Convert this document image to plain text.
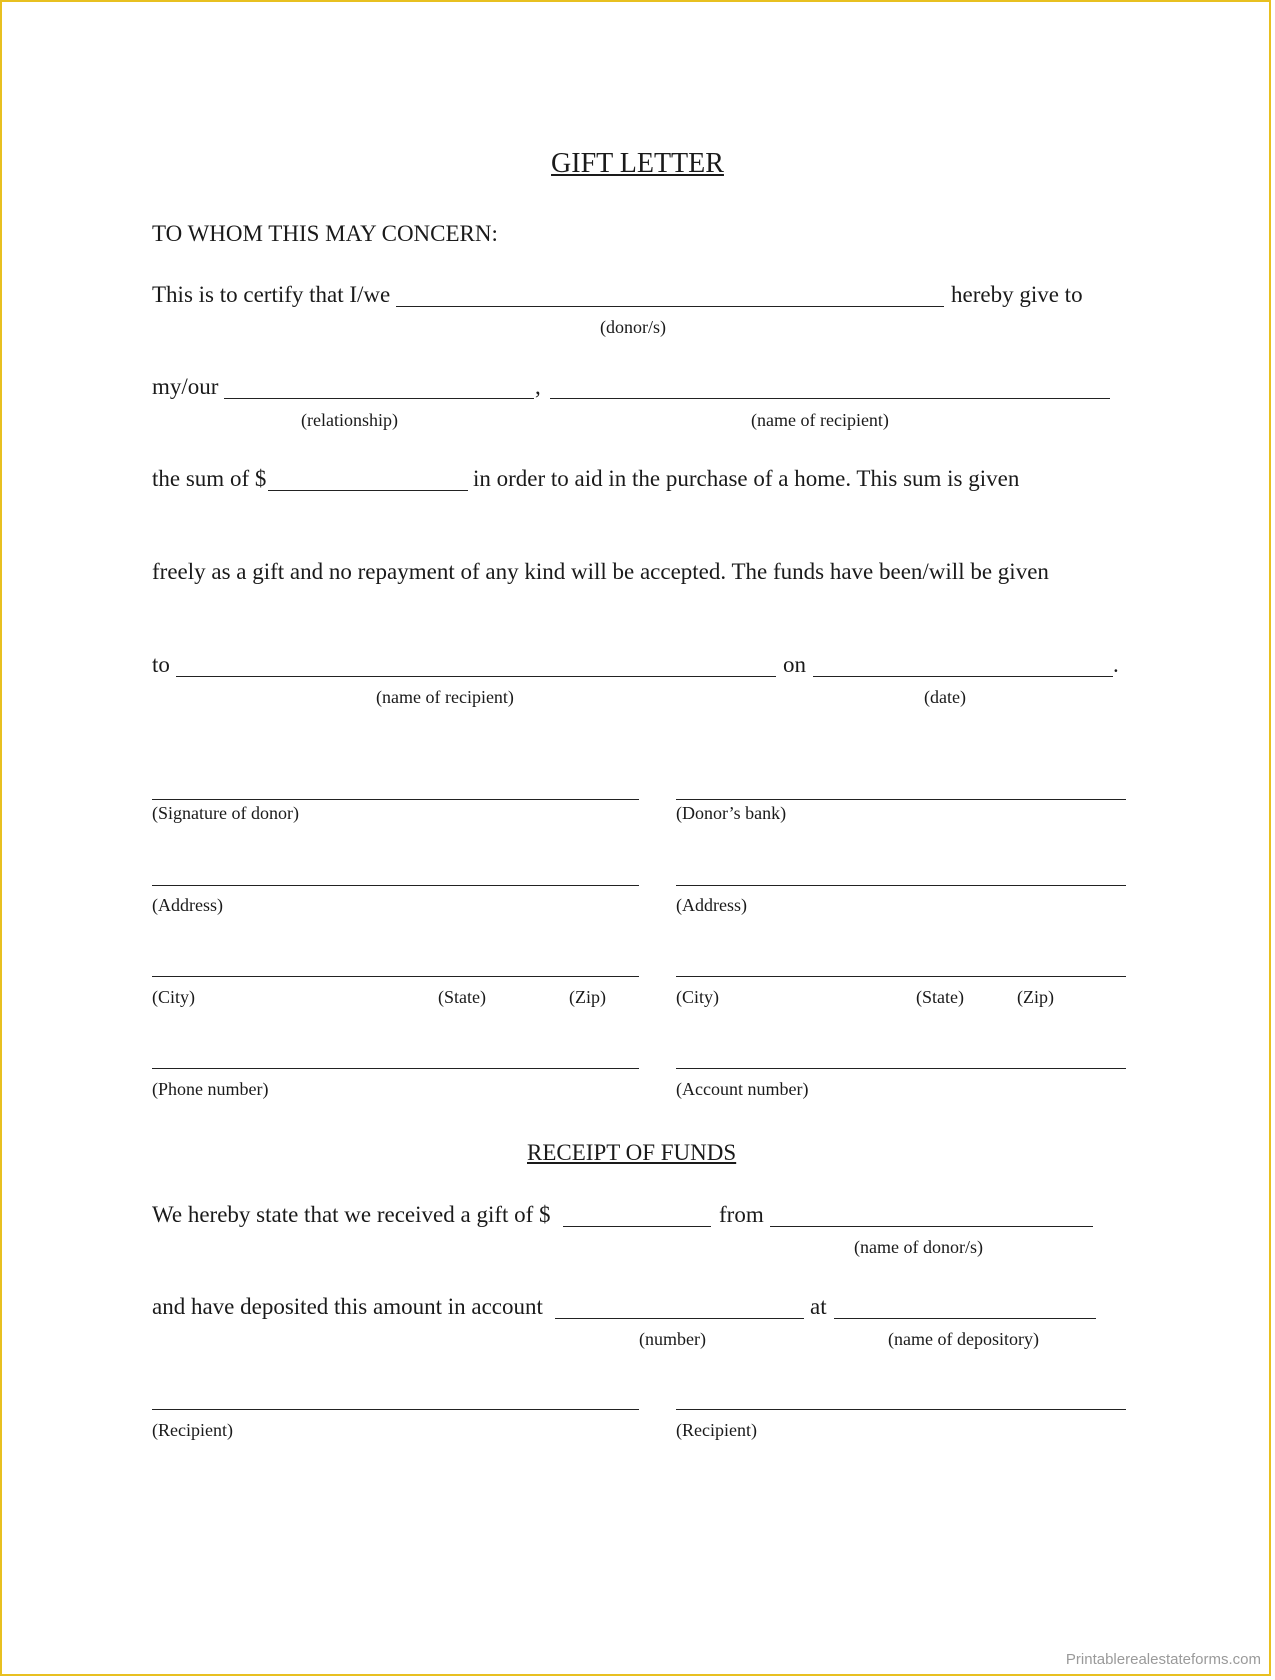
GIFT LETTER
TO WHOM THIS MAY CONCERN:
This is to certify that I/we	hereby give to
(donor/s)
my/our	,
(relationship)	(name of recipient)
the sum of $	in order to aid in the purchase of a home. This sum is given
freely as a gift and no repayment of any kind will be accepted. The funds have been/will be given
to	on	.
(name of recipient)	(date)
(Signature of donor)	(Donor’s bank)
(Address)	(Address)
(City)	(State)	(Zip)	(City)	(State)	(Zip)
(Phone number)	(Account number)
RECEIPT OF FUNDS
We hereby state that we received a gift of $	from
(name of donor/s)
and have deposited this amount in account	at
(number)	(name of depository)
(Recipient)	(Recipient)
Printablerealestateforms.com
